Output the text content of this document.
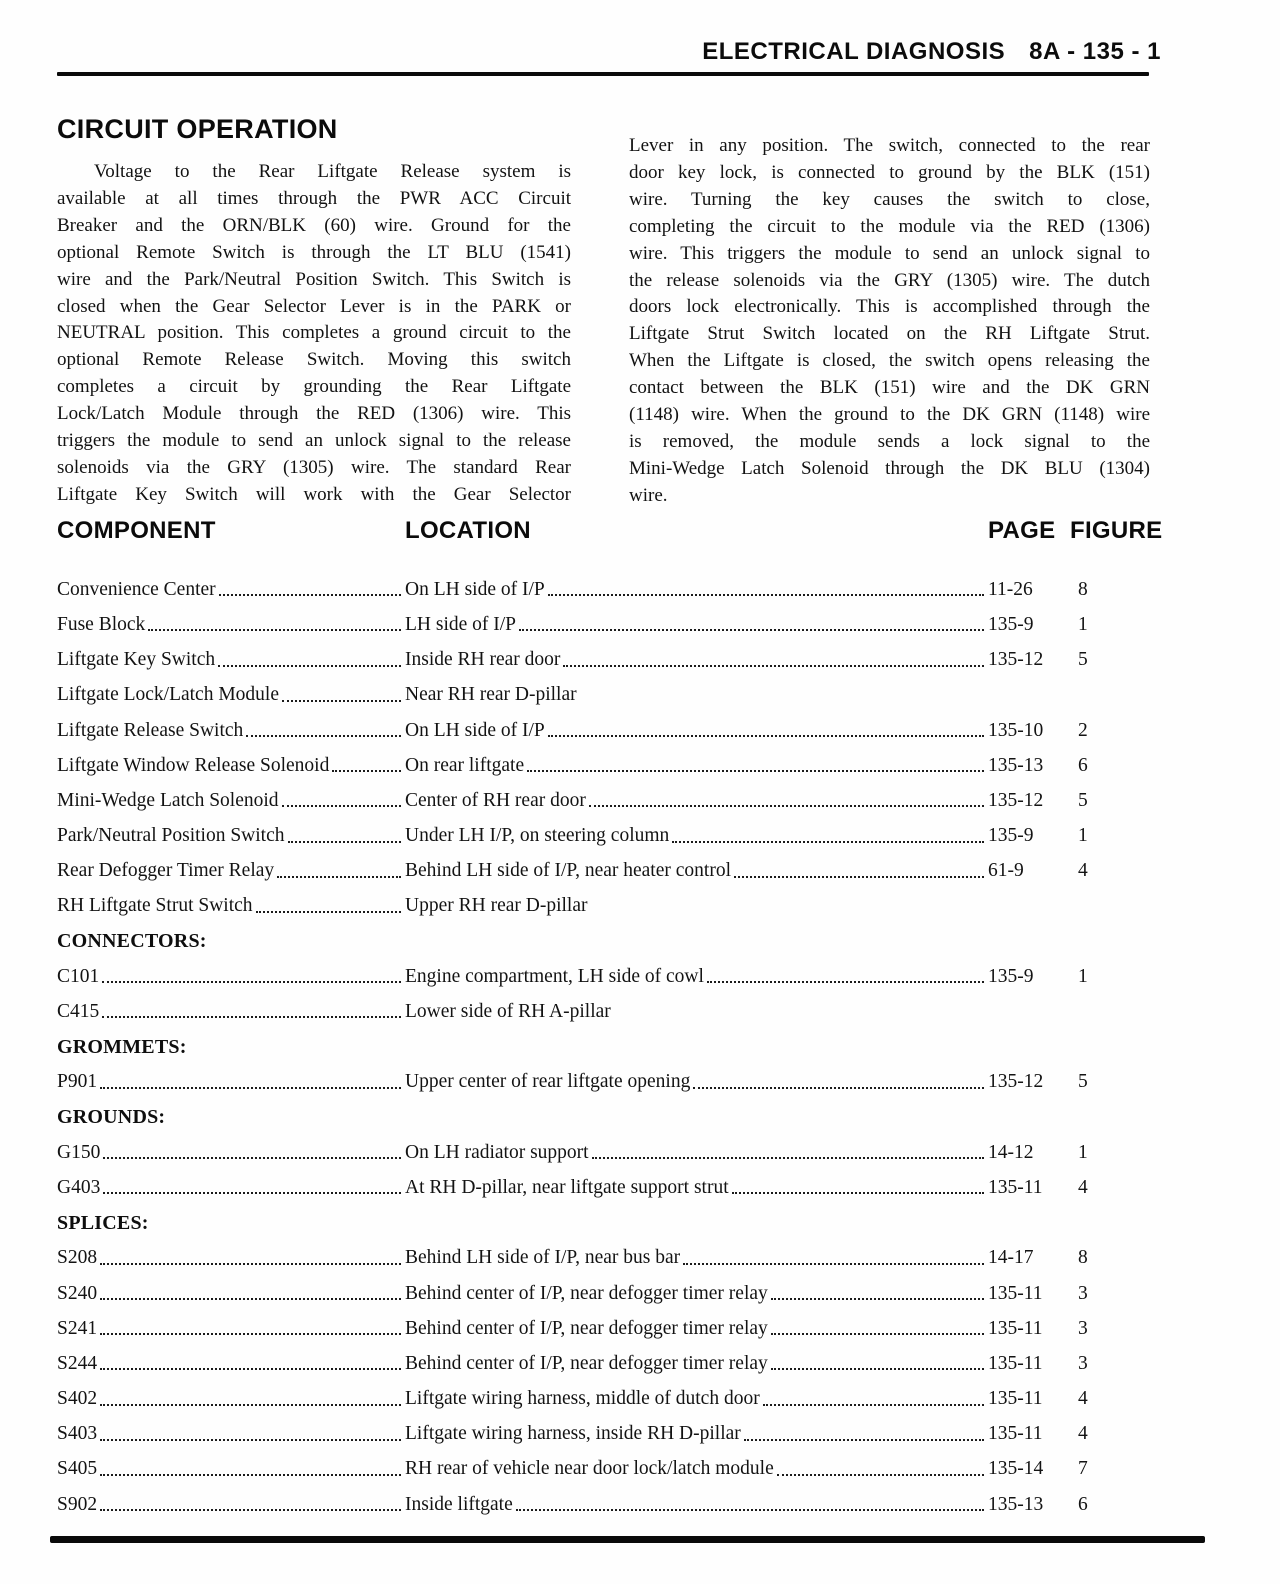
ELECTRICAL DIAGNOSIS 8A - 135 - 1
CIRCUIT OPERATION
Voltage to the Rear Liftgate Release system is
available at all times through the PWR ACC Circuit
Breaker and the ORN/BLK (60) wire. Ground for the
optional Remote Switch is through the LT BLU (1541)
wire and the Park/Neutral Position Switch. This Switch is
closed when the Gear Selector Lever is in the PARK or
NEUTRAL position. This completes a ground circuit to the
optional Remote Release Switch. Moving this switch
completes a circuit by grounding the Rear Liftgate
Lock/Latch Module through the RED (1306) wire. This
triggers the module to send an unlock signal to the release
solenoids via the GRY (1305) wire. The standard Rear
Liftgate Key Switch will work with the Gear Selector
Lever in any position. The switch, connected to the rear
door key lock, is connected to ground by the BLK (151)
wire. Turning the key causes the switch to close,
completing the circuit to the module via the RED (1306)
wire. This triggers the module to send an unlock signal to
the release solenoids via the GRY (1305) wire. The dutch
doors lock electronically. This is accomplished through the
Liftgate Strut Switch located on the RH Liftgate Strut.
When the Liftgate is closed, the switch opens releasing the
contact between the BLK (151) wire and the DK GRN
(1148) wire. When the ground to the DK GRN (1148) wire
is removed, the module sends a lock signal to the
Mini-Wedge Latch Solenoid through the DK BLU (1304)
wire.
COMPONENT	LOCATION	PAGE FIGURE
Convenience Center	On LH side of I/P	11-26	8
Fuse Block	LH side of I/P	135-9	1
Liftgate Key Switch	Inside RH rear door	135-12	5
Liftgate Lock/Latch Module	Near RH rear D-pillar
Liftgate Release Switch	On LH side of I/P	135-10	2
Liftgate Window Release Solenoid	On rear liftgate	135-13	6
Mini-Wedge Latch Solenoid	Center of RH rear door	135-12	5
Park/Neutral Position Switch	Under LH I/P, on steering column	135-9	1
Rear Defogger Timer Relay	Behind LH side of I/P, near heater control	61-9	4
RH Liftgate Strut Switch	Upper RH rear D-pillar
CONNECTORS:
C101	Engine compartment, LH side of cowl	135-9	1
C415	Lower side of RH A-pillar
GROMMETS:
P901	Upper center of rear liftgate opening	135-12	5
GROUNDS:
G150	On LH radiator support	14-12	1
G403	At RH D-pillar, near liftgate support strut	135-11	4
SPLICES:
S208	Behind LH side of I/P, near bus bar	14-17	8
S240	Behind center of I/P, near defogger timer relay	135-11	3
S241	Behind center of I/P, near defogger timer relay	135-11	3
S244	Behind center of I/P, near defogger timer relay	135-11	3
S402	Liftgate wiring harness, middle of dutch door	135-11	4
S403	Liftgate wiring harness, inside RH D-pillar	135-11	4
S405	RH rear of vehicle near door lock/latch module	135-14	7
S902	Inside liftgate	135-13	6
